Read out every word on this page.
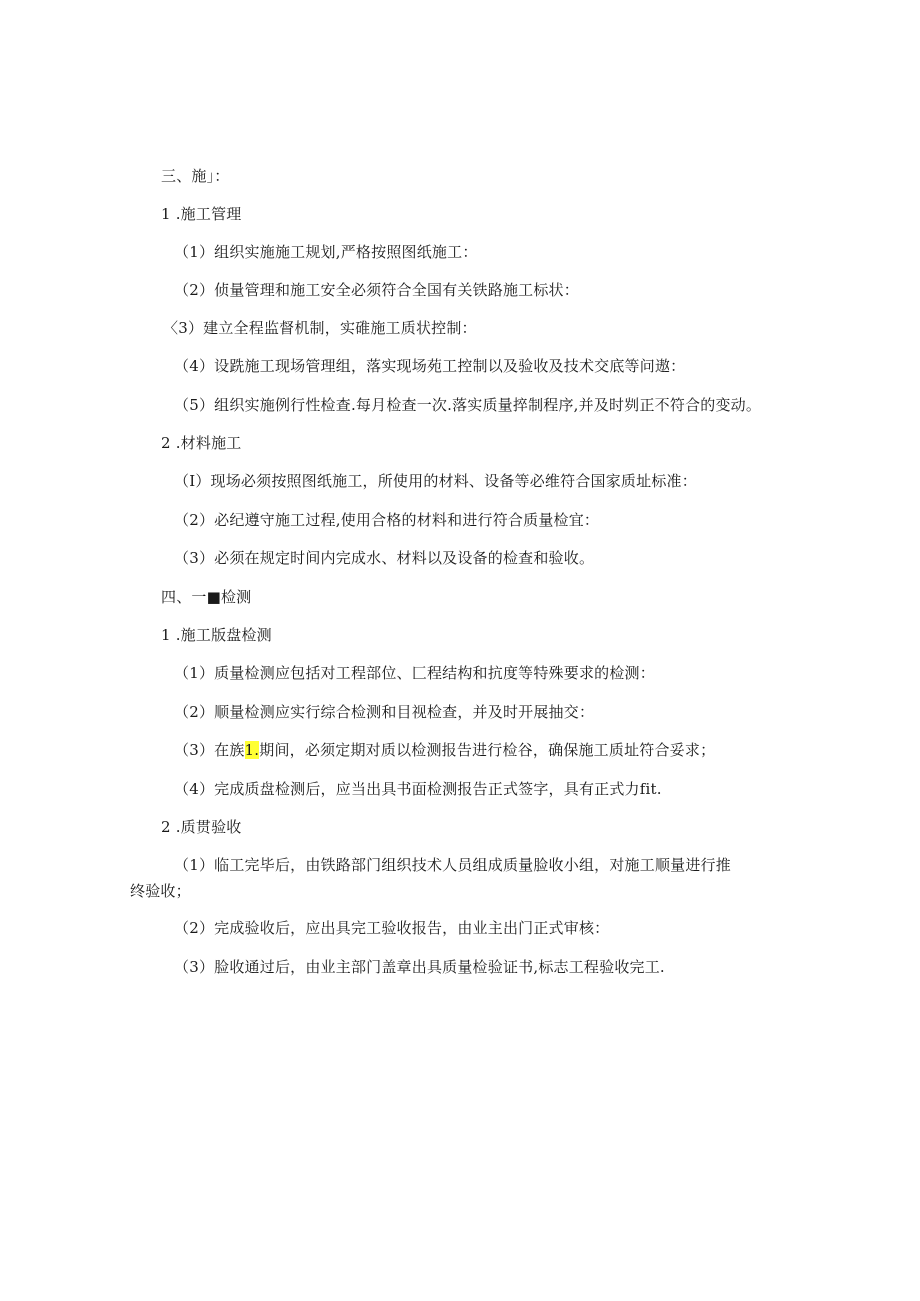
三、施」：
1 .施工管理
（1）组织实施施工规划,严格按照图纸施工：
（2）侦量管理和施工安全必须符合全国有关铁路施工标状：
〈3）建立全程监督机制，实碓施工质状控制：
（4）设跣施工现场管理组，落实现场苑工控制以及验收及技术交底等问遨：
（5）组织实施例行性检查.每月检查一次.落实质量捽制程序,并及时刿正不符合的变动。
2 .材料施工
（I）现场必须按照图纸施工，所使用的材料、设备等必维符合国家质址标准：
（2）必纪遵守施工过程,使用合格的材料和进行符合质量检宜：
（3）必须在规定时间内完成水、材料以及设备的检查和验收。
四、一■检测
1 .施工版盘检测
（1）质量检测应包括对工程部位、匚程结构和抗度等特殊要求的检测：
（2）顺量检测应实行综合检测和目视检查，并及时开展抽交：
（3）在族1.期间，必须定期对质以检测报告进行检谷，确保施工质址符合妥求；
（4）完成质盘检测后，应当出具书面检测报告正式签字，具有正式力fit.
2 .质贯验收
（1）临工完毕后，由铁路部门组织技术人员组成质量脸收小组，对施工顺量进行推终验收；
（2）完成验收后，应出具完工验收报告，由业主出门正式审核：
（3）脸收通过后，由业主部门盖章出具质量检验证书,标志工程验收完工.
